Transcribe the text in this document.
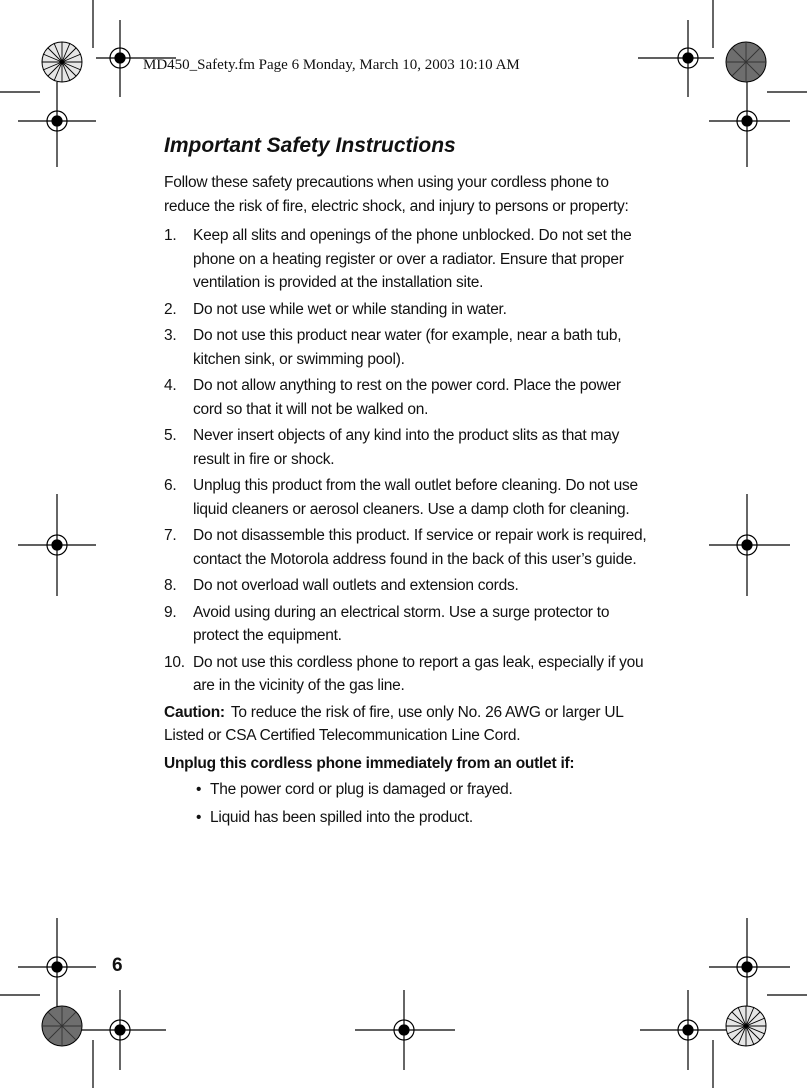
MD450_Safety.fm Page 6 Monday, March 10, 2003 10:10 AM
Important Safety Instructions
Follow these safety precautions when using your cordless phone to reduce the risk of fire, electric shock, and injury to persons or property:
1. Keep all slits and openings of the phone unblocked. Do not set the phone on a heating register or over a radiator. Ensure that proper ventilation is provided at the installation site.
2. Do not use while wet or while standing in water.
3. Do not use this product near water (for example, near a bath tub, kitchen sink, or swimming pool).
4. Do not allow anything to rest on the power cord. Place the power cord so that it will not be walked on.
5. Never insert objects of any kind into the product slits as that may result in fire or shock.
6. Unplug this product from the wall outlet before cleaning. Do not use liquid cleaners or aerosol cleaners. Use a damp cloth for cleaning.
7. Do not disassemble this product. If service or repair work is required, contact the Motorola address found in the back of this user’s guide.
8. Do not overload wall outlets and extension cords.
9. Avoid using during an electrical storm. Use a surge protector to protect the equipment.
10. Do not use this cordless phone to report a gas leak, especially if you are in the vicinity of the gas line.
Caution: To reduce the risk of fire, use only No. 26 AWG or larger UL Listed or CSA Certified Telecommunication Line Cord.
Unplug this cordless phone immediately from an outlet if:
• The power cord or plug is damaged or frayed.
• Liquid has been spilled into the product.
6
